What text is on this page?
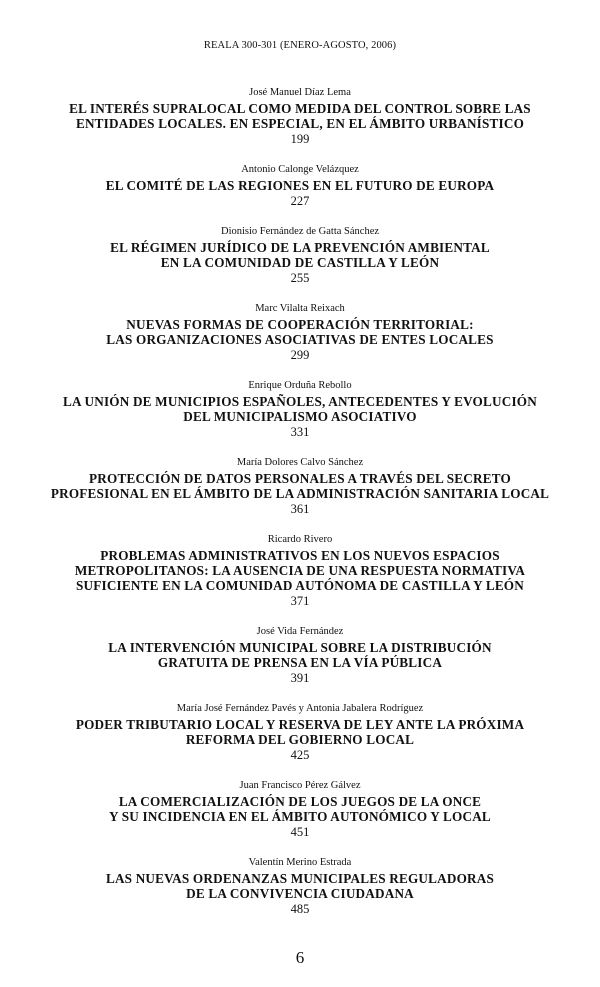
REALA 300-301 (ENERO-AGOSTO, 2006)
José Manuel Díaz Lema
EL INTERÉS SUPRALOCAL COMO MEDIDA DEL CONTROL SOBRE LAS
ENTIDADES LOCALES. EN ESPECIAL, EN EL ÁMBITO URBANÍSTICO
199
Antonio Calonge Velázquez
EL COMITÉ DE LAS REGIONES EN EL FUTURO DE EUROPA
227
Dionisio Fernández de Gatta Sánchez
EL RÉGIMEN JURÍDICO DE LA PREVENCIÓN AMBIENTAL
EN LA COMUNIDAD DE CASTILLA Y LEÓN
255
Marc Vilalta Reixach
NUEVAS FORMAS DE COOPERACIÓN TERRITORIAL:
LAS ORGANIZACIONES ASOCIATIVAS DE ENTES LOCALES
299
Enrique Orduña Rebollo
LA UNIÓN DE MUNICIPIOS ESPAÑOLES, ANTECEDENTES Y EVOLUCIÓN
DEL MUNICIPALISMO ASOCIATIVO
331
María Dolores Calvo Sánchez
PROTECCIÓN DE DATOS PERSONALES A TRAVÉS DEL SECRETO
PROFESIONAL EN EL ÁMBITO DE LA ADMINISTRACIÓN SANITARIA LOCAL
361
Ricardo Rivero
PROBLEMAS ADMINISTRATIVOS EN LOS NUEVOS ESPACIOS
METROPOLITANOS: LA AUSENCIA DE UNA RESPUESTA NORMATIVA
SUFICIENTE EN LA COMUNIDAD AUTÓNOMA DE CASTILLA Y LEÓN
371
José Vida Fernández
LA INTERVENCIÓN MUNICIPAL SOBRE LA DISTRIBUCIÓN
GRATUITA DE PRENSA EN LA VÍA PÚBLICA
391
María José Fernández Pavés y Antonia Jabalera Rodríguez
PODER TRIBUTARIO LOCAL Y RESERVA DE LEY ANTE LA PRÓXIMA
REFORMA DEL GOBIERNO LOCAL
425
Juan Francisco Pérez Gálvez
LA COMERCIALIZACIÓN DE LOS JUEGOS DE LA ONCE
Y SU INCIDENCIA EN EL ÁMBITO AUTONÓMICO Y LOCAL
451
Valentín Merino Estrada
LAS NUEVAS ORDENANZAS MUNICIPALES REGULADORAS
DE LA CONVIVENCIA CIUDADANA
485
6
